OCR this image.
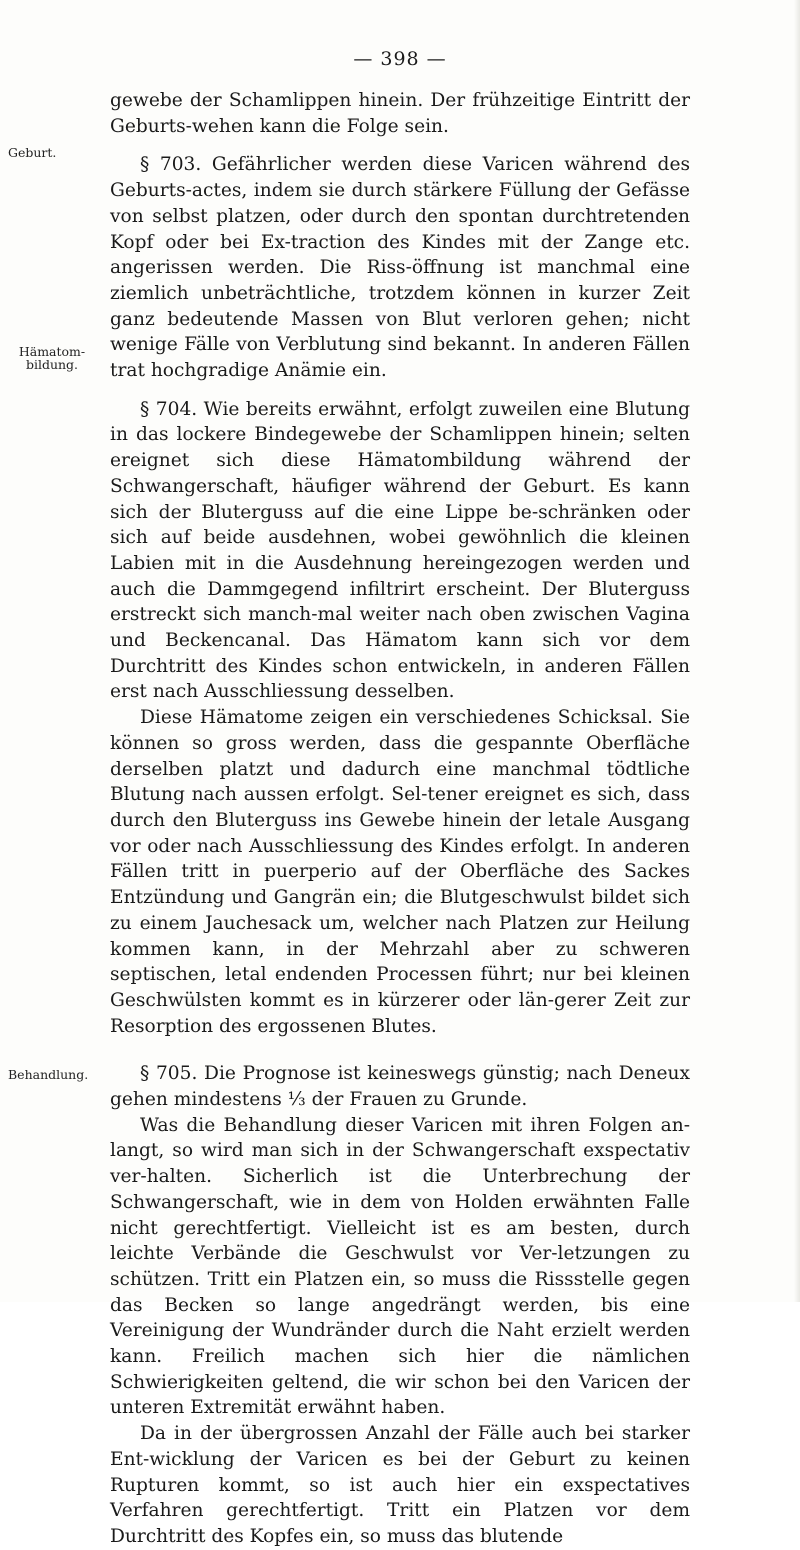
— 398 —
Geburt.
Hämatom-
bildung.
Behandlung.

gewebe der Schamlippen hinein. Der frühzeitige Eintritt der Geburts-wehen kann die Folge sein.

§ 703. Gefährlicher werden diese Varicen während des Geburts-actes, indem sie durch stärkere Füllung der Gefässe von selbst platzen, oder durch den spontan durchtretenden Kopf oder bei Ex-traction des Kindes mit der Zange etc. angerissen werden. Die Riss-öffnung ist manchmal eine ziemlich unbeträchtliche, trotzdem können in kurzer Zeit ganz bedeutende Massen von Blut verloren gehen; nicht wenige Fälle von Verblutung sind bekannt. In anderen Fällen trat hochgradige Anämie ein.

§ 704. Wie bereits erwähnt, erfolgt zuweilen eine Blutung in das lockere Bindegewebe der Schamlippen hinein; selten ereignet sich diese Hämatombildung während der Schwangerschaft, häufiger während der Geburt. Es kann sich der Bluterguss auf die eine Lippe be-schränken oder sich auf beide ausdehnen, wobei gewöhnlich die kleinen Labien mit in die Ausdehnung hereingezogen werden und auch die Dammgegend infiltrirt erscheint. Der Bluterguss erstreckt sich manch-mal weiter nach oben zwischen Vagina und Beckencanal. Das Hämatom kann sich vor dem Durchtritt des Kindes schon entwickeln, in anderen Fällen erst nach Ausschliessung desselben.

Diese Hämatome zeigen ein verschiedenes Schicksal. Sie können so gross werden, dass die gespannte Oberfläche derselben platzt und dadurch eine manchmal tödtliche Blutung nach aussen erfolgt. Sel-tener ereignet es sich, dass durch den Bluterguss ins Gewebe hinein der letale Ausgang vor oder nach Ausschliessung des Kindes erfolgt. In anderen Fällen tritt in puerperio auf der Oberfläche des Sackes Entzündung und Gangrän ein; die Blutgeschwulst bildet sich zu einem Jauchesack um, welcher nach Platzen zur Heilung kommen kann, in der Mehrzahl aber zu schweren septischen, letal endenden Processen führt; nur bei kleinen Geschwülsten kommt es in kürzerer oder län-gerer Zeit zur Resorption des ergossenen Blutes.

§ 705. Die Prognose ist keineswegs günstig; nach Deneux gehen mindestens ⅓ der Frauen zu Grunde.

Was die Behandlung dieser Varicen mit ihren Folgen an-langt, so wird man sich in der Schwangerschaft exspectativ ver-halten. Sicherlich ist die Unterbrechung der Schwangerschaft, wie in dem von Holden erwähnten Falle nicht gerechtfertigt. Vielleicht ist es am besten, durch leichte Verbände die Geschwulst vor Ver-letzungen zu schützen. Tritt ein Platzen ein, so muss die Rissstelle gegen das Becken so lange angedrängt werden, bis eine Vereinigung der Wundränder durch die Naht erzielt werden kann. Freilich machen sich hier die nämlichen Schwierigkeiten geltend, die wir schon bei den Varicen der unteren Extremität erwähnt haben.

Da in der übergrossen Anzahl der Fälle auch bei starker Ent-wicklung der Varicen es bei der Geburt zu keinen Rupturen kommt, so ist auch hier ein exspectatives Verfahren gerechtfertigt. Tritt ein Platzen vor dem Durchtritt des Kopfes ein, so muss das blutende
